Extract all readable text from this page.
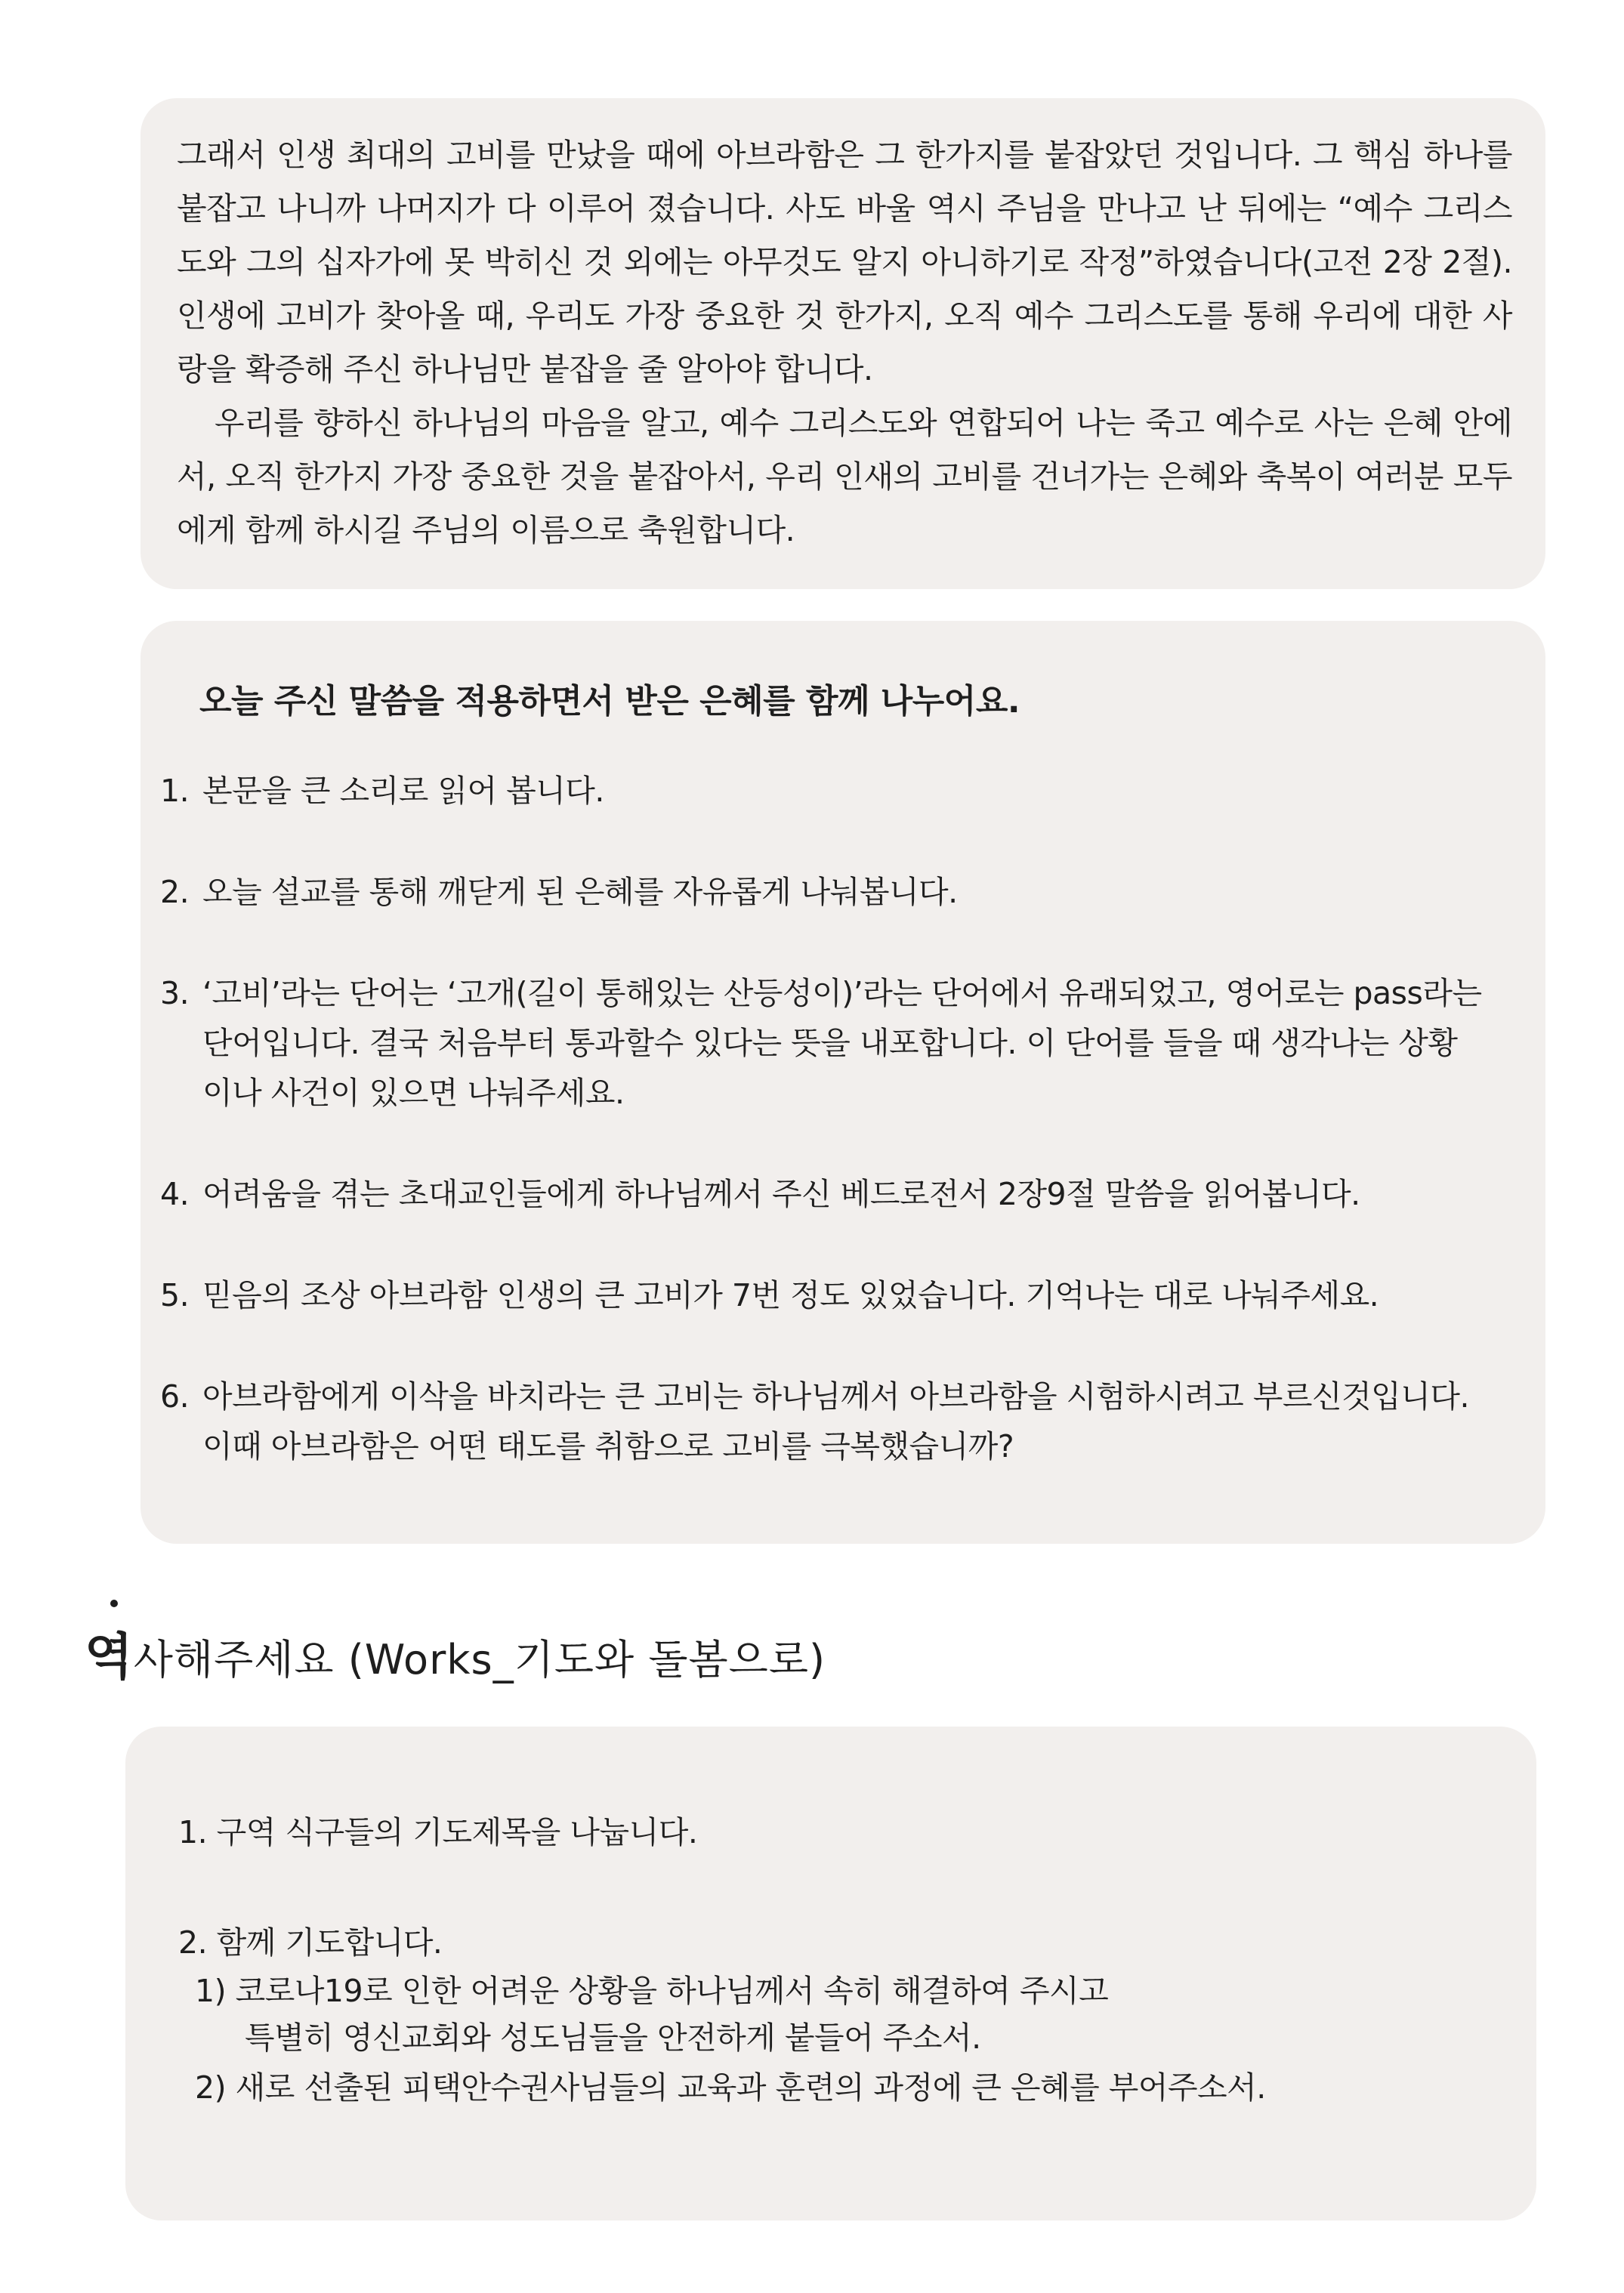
그래서 인생 최대의 고비를 만났을 때에 아브라함은 그 한가지를 붙잡았던 것입니다. 그 핵심 하나를 붙잡고 나니까 나머지가 다 이루어 졌습니다. 사도 바울 역시 주님을 만나고 난 뒤에는 “예수 그리스도와 그의 십자가에 못 박히신 것 외에는 아무것도 알지 아니하기로 작정”하였습니다(고전 2장 2절). 인생에 고비가 찾아올 때, 우리도 가장 중요한 것 한가지, 오직 예수 그리스도를 통해 우리에 대한 사랑을 확증해 주신 하나님만 붙잡을 줄 알아야 합니다.

우리를 향하신 하나님의 마음을 알고, 예수 그리스도와 연합되어 나는 죽고 예수로 사는 은혜 안에서, 오직 한가지 가장 중요한 것을 붙잡아서, 우리 인새의 고비를 건너가는 은혜와 축복이 여러분 모두에게 함께 하시길 주님의 이름으로 축원합니다.

오늘 주신 말씀을 적용하면서 받은 은혜를 함께 나누어요.
1. 본문을 큰 소리로 읽어 봅니다.
2. 오늘 설교를 통해 깨닫게 된 은혜를 자유롭게 나눠봅니다.
3. ‘고비’라는 단어는 ‘고개(길이 통해있는 산등성이)’라는 단어에서 유래되었고, 영어로는 pass라는
단어입니다. 결국 처음부터 통과할수 있다는 뜻을 내포합니다. 이 단어를 들을 때 생각나는 상황
이나 사건이 있으면 나눠주세요.
4. 어려움을 겪는 초대교인들에게 하나님께서 주신 베드로전서 2장9절 말씀을 읽어봅니다.
5. 믿음의 조상 아브라함 인생의 큰 고비가 7번 정도 있었습니다. 기억나는 대로 나눠주세요.
6. 아브라함에게 이삭을 바치라는 큰 고비는 하나님께서 아브라함을 시험하시려고 부르신것입니다.
이때 아브라함은 어떤 태도를 취함으로 고비를 극복했습니까?
역사해주세요 (Works_기도와 돌봄으로)
1. 구역 식구들의 기도제목을 나눕니다.
2. 함께 기도합니다.
1) 코로나19로 인한 어려운 상황을 하나님께서 속히 해결하여 주시고
특별히 영신교회와 성도님들을 안전하게 붙들어 주소서.
2) 새로 선출된 피택안수권사님들의 교육과 훈련의 과정에 큰 은혜를 부어주소서.
